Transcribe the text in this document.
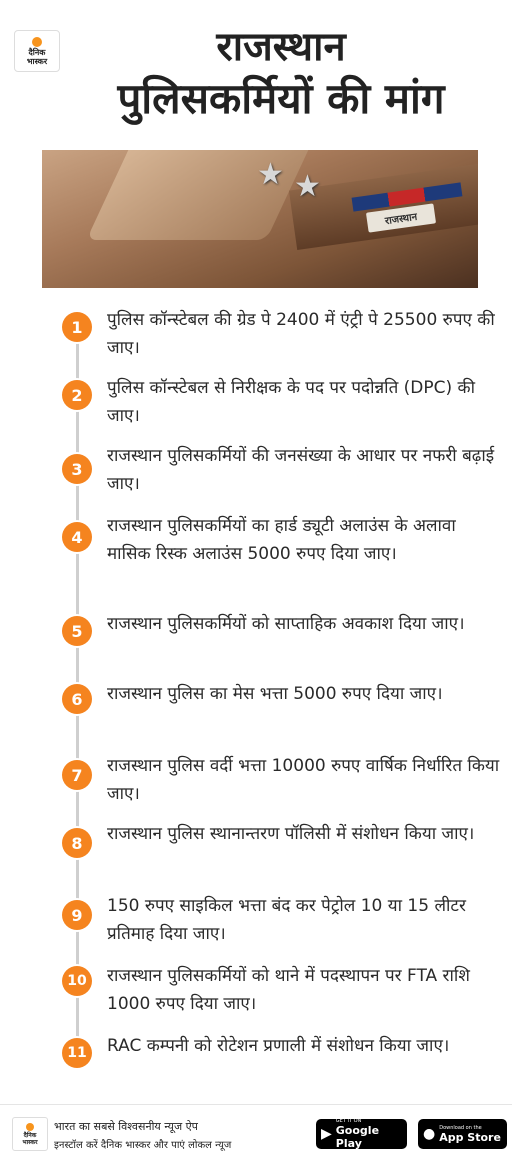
दैनिक
भास्कर	राजस्थान
पुलिसकर्मियों की मांग
★ ★
राजस्थान
1	पुलिस कॉन्स्टेबल की ग्रेड पे 2400 में एंट्री पे 25500 रुपए की जाए।
2	पुलिस कॉन्स्टेबल से निरीक्षक के पद पर पदोन्नति (DPC) की जाए।
3
राजस्थान पुलिसकर्मियों की जनसंख्या के आधार पर नफरी बढ़ाई जाए।
4
राजस्थान पुलिसकर्मियों का हार्ड ड्यूटी अलाउंस के अलावा मासिक रिस्क अलाउंस 5000 रुपए दिया जाए।
5	राजस्थान पुलिसकर्मियों को साप्ताहिक अवकाश दिया जाए।
6	राजस्थान पुलिस का मेस भत्ता 5000 रुपए दिया जाए।
7	राजस्थान पुलिस वर्दी भत्ता 10000 रुपए वार्षिक निर्धारित किया जाए।
8	राजस्थान पुलिस स्थानान्तरण पॉलिसी में संशोधन किया जाए।
9	150 रुपए साइकिल भत्ता बंद कर पेट्रोल 10 या 15 लीटर प्रतिमाह दिया जाए।
10	राजस्थान पुलिसकर्मियों को थाने में पदस्थापन पर FTA राशि 1000 रुपए दिया जाए।
11	RAC कम्पनी को रोटेशन प्रणाली में संशोधन किया जाए।
दैनिक
भास्कर
भारत का सबसे विश्वसनीय न्यूज ऐप
इनस्टॉल करें दैनिक भास्कर और पाएं लोकल न्यूज
▶
GET IT ON
Google Play
● Download on the
App Store
